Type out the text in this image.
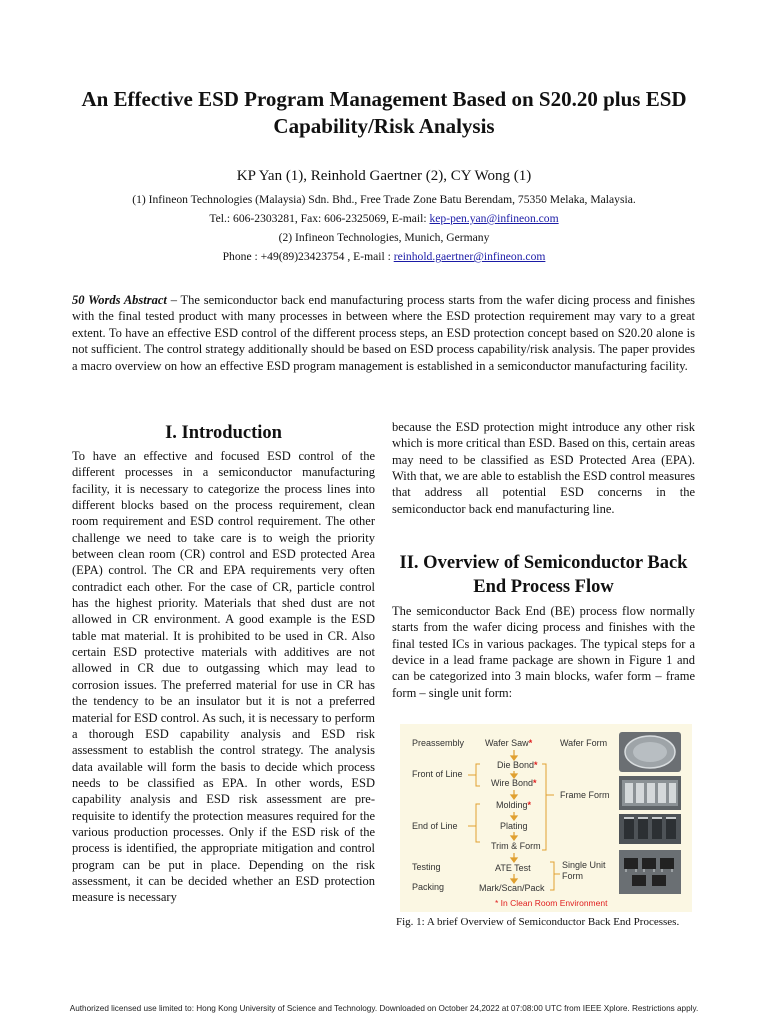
An Effective ESD Program Management Based on S20.20 plus ESD Capability/Risk Analysis

KP Yan (1), Reinhold Gaertner (2), CY Wong (1)

(1) Infineon Technologies (Malaysia) Sdn. Bhd., Free Trade Zone Batu Berendam, 75350 Melaka, Malaysia.

Tel.: 606-2303281, Fax: 606-2325069, E-mail: kep-pen.yan@infineon.com

(2) Infineon Technologies, Munich, Germany

Phone : +49(89)23423754 , E-mail : reinhold.gaertner@infineon.com

50 Words Abstract – The semiconductor back end manufacturing process starts from the wafer dicing process and finishes with the final tested product with many processes in between where the ESD protection requirement may vary to a great extent. To have an effective ESD control of the different process steps, an ESD protection concept based on S20.20 alone is not sufficient. The control strategy additionally should be based on ESD process capability/risk analysis. The paper provides a macro overview on how an effective ESD program management is established in a semiconductor manufacturing facility.

I. Introduction

To have an effective and focused ESD control of the different processes in a semiconductor manufacturing facility, it is necessary to categorize the process lines into different blocks based on the process requirement, clean room requirement and ESD control requirement. The other challenge we need to take care is to weigh the priority between clean room (CR) control and ESD protected Area (EPA) control. The CR and EPA requirements very often contradict each other. For the case of CR, particle control has the highest priority. Materials that shed dust are not allowed in CR environment. A good example is the ESD table mat material. It is prohibited to be used in CR. Also certain ESD protective materials with additives are not allowed in CR due to outgassing which may lead to corrosion issues. The preferred material for use in CR has the tendency to be an insulator but it is not a preferred material for ESD control. As such, it is necessary to perform a thorough ESD capability analysis and ESD risk assessment to establish the control strategy. The analysis data available will form the basis to decide which process needs to be classified as EPA. In other words, ESD capability analysis and ESD risk assessment are pre-requisite to identify the protection measures required for the various production processes. Only if the ESD risk of the process is identified, the appropriate mitigation and control program can be put in place. Depending on the risk assessment, it can be decided whether an ESD protection measure is necessary

because the ESD protection might introduce any other risk which is more critical than ESD. Based on this, certain areas may need to be classified as ESD Protected Area (EPA). With that, we are able to establish the ESD control measures that address all potential ESD concerns in the semiconductor back end manufacturing line.

II. Overview of Semiconductor Back End Process Flow

The semiconductor Back End (BE) process flow normally starts from the wafer dicing process and finishes with the final tested ICs in various packages. The typical steps for a device in a lead frame package are shown in Figure 1 and can be categorized into 3 main blocks, wafer form – frame form – single unit form:

Preassembly
Front of Line
End of Line
Testing
Packing
Wafer Saw*
Die Bond*
Wire Bond*
Molding*
Plating
Trim & Form
ATE Test
Mark/Scan/Pack
Wafer Form
Frame Form
Single Unit Form
* In Clean Room Environment

Fig. 1: A brief Overview of Semiconductor Back End Processes.

Authorized licensed use limited to: Hong Kong University of Science and Technology. Downloaded on October 24,2022 at 07:08:00 UTC from IEEE Xplore. Restrictions apply.
